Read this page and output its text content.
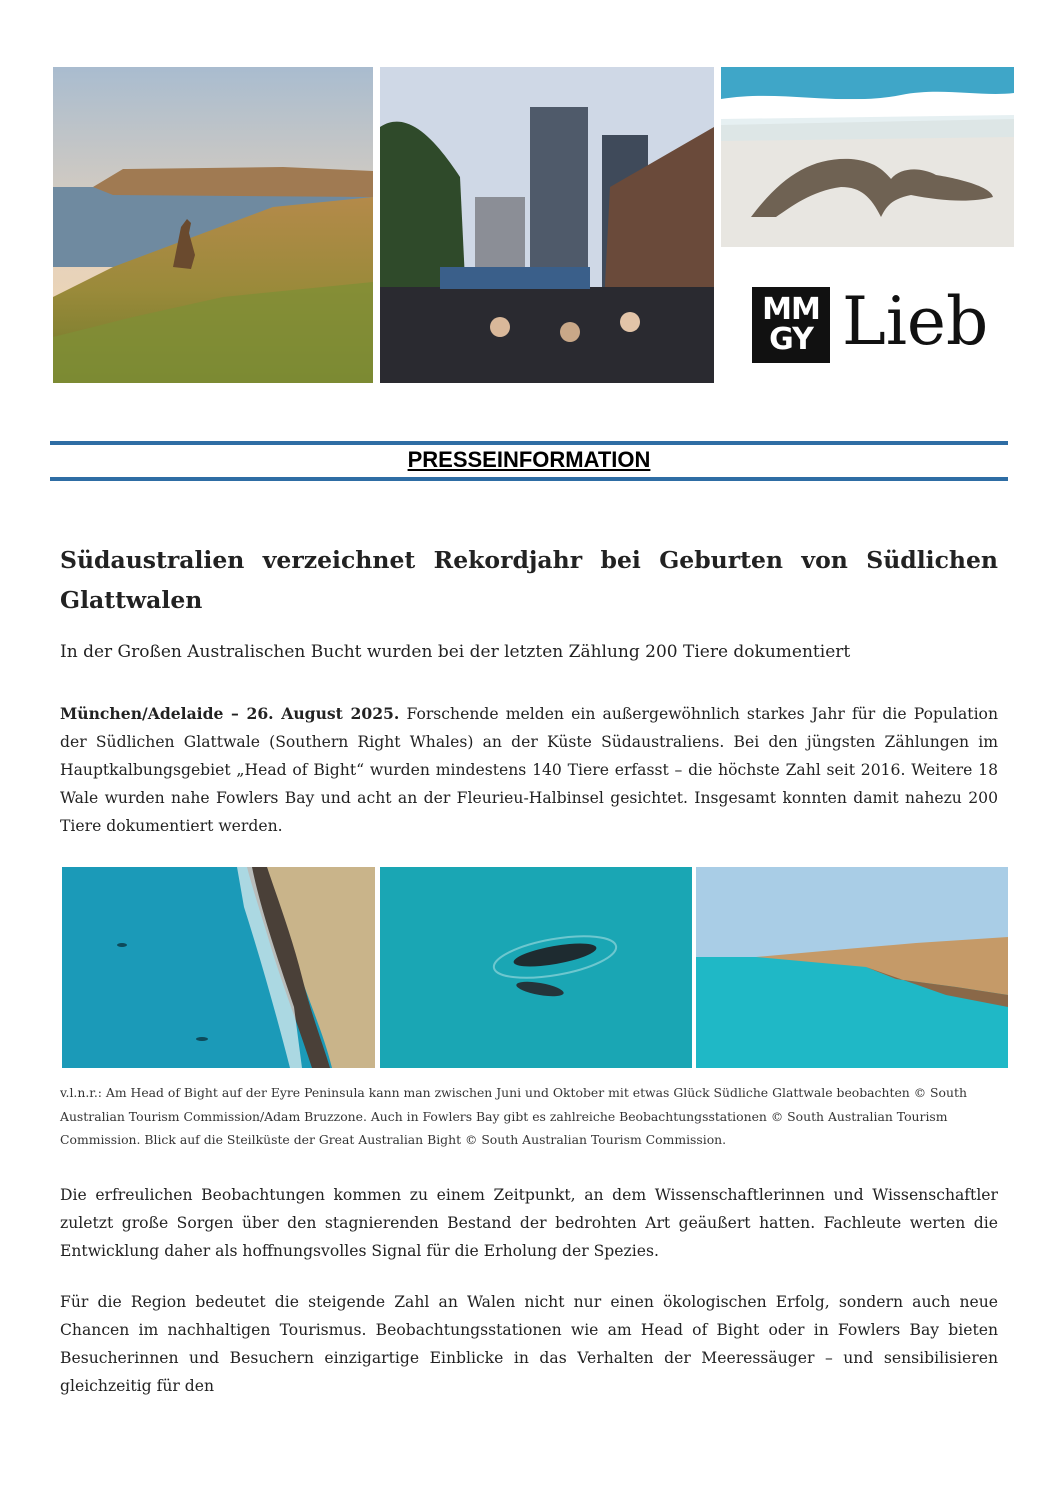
MM
GY Lieb
PRESSEINFORMATION
Südaustralien verzeichnet Rekordjahr bei Geburten von Südlichen Glattwalen
In der Großen Australischen Bucht wurden bei der letzten Zählung 200 Tiere dokumentiert
München/Adelaide – 26. August 2025. Forschende melden ein außergewöhnlich starkes Jahr für die Population der Südlichen Glattwale (Southern Right Whales) an der Küste Südaustraliens. Bei den jüngsten Zählungen im Hauptkalbungsgebiet „Head of Bight“ wurden mindestens 140 Tiere erfasst – die höchste Zahl seit 2016. Weitere 18 Wale wurden nahe Fowlers Bay und acht an der Fleurieu-Halbinsel gesichtet. Insgesamt konnten damit nahezu 200 Tiere dokumentiert werden.
v.l.n.r.: Am Head of Bight auf der Eyre Peninsula kann man zwischen Juni und Oktober mit etwas Glück Südliche Glattwale beobachten © South Australian Tourism Commission/Adam Bruzzone. Auch in Fowlers Bay gibt es zahlreiche Beobachtungsstationen © South Australian Tourism Commission. Blick auf die Steilküste der Great Australian Bight © South Australian Tourism Commission.
Die erfreulichen Beobachtungen kommen zu einem Zeitpunkt, an dem Wissenschaftlerinnen und Wissenschaftler zuletzt große Sorgen über den stagnierenden Bestand der bedrohten Art geäußert hatten. Fachleute werten die Entwicklung daher als hoffnungsvolles Signal für die Erholung der Spezies.
Für die Region bedeutet die steigende Zahl an Walen nicht nur einen ökologischen Erfolg, sondern auch neue Chancen im nachhaltigen Tourismus. Beobachtungsstationen wie am Head of Bight oder in Fowlers Bay bieten Besucherinnen und Besuchern einzigartige Einblicke in das Verhalten der Meeressäuger – und sensibilisieren gleichzeitig für den
